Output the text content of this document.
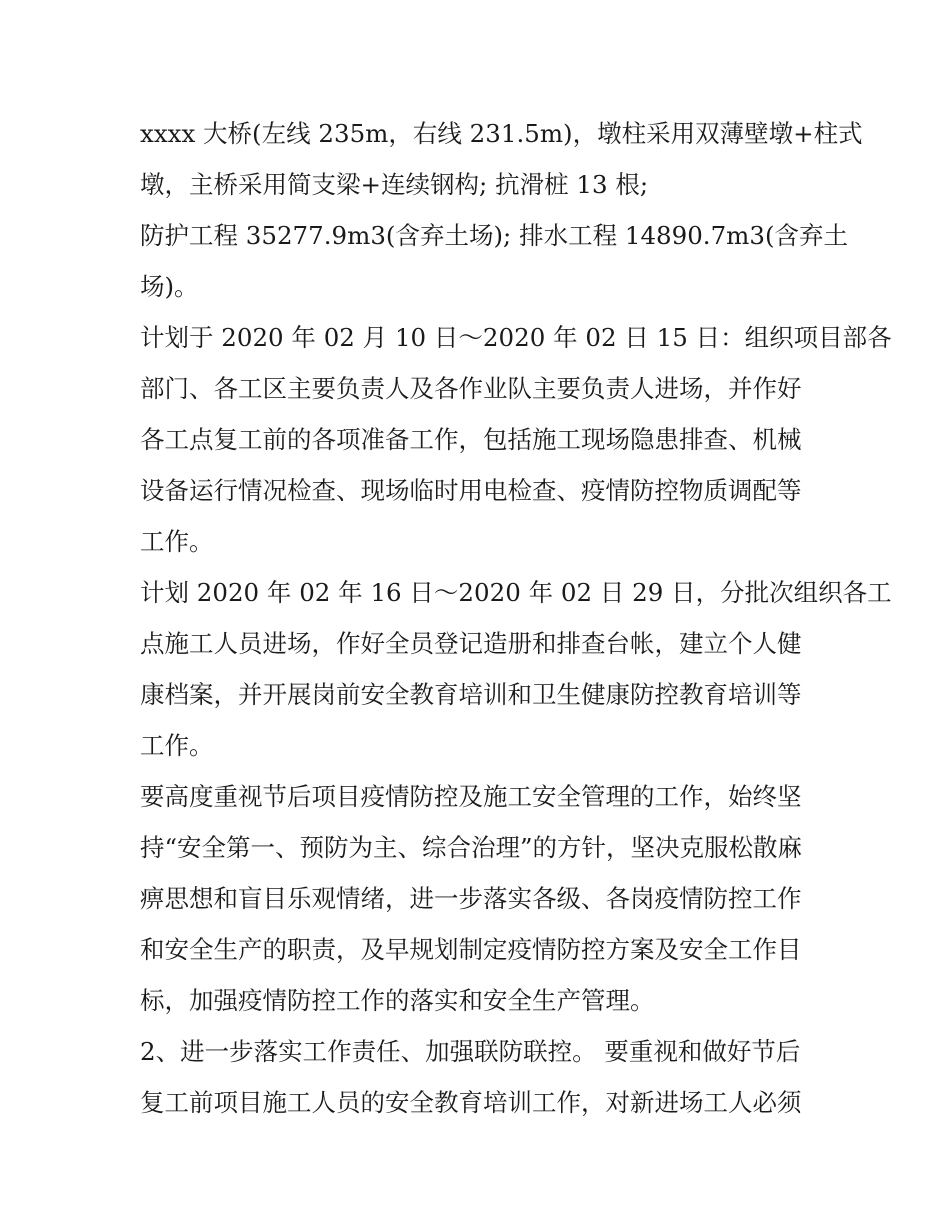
xxxx 大桥(左线 235m，右线 231.5m)，墩柱采用双薄壁墩+柱式
墩，主桥采用简支梁+连续钢构; 抗滑桩 13 根;
防护工程 35277.9m3(含弃土场); 排水工程 14890.7m3(含弃土
场)。
计划于 2020 年 02 月 10 日～2020 年 02 日 15 日：组织项目部各
部门、各工区主要负责人及各作业队主要负责人进场，并作好
各工点复工前的各项准备工作，包括施工现场隐患排查、机械
设备运行情况检查、现场临时用电检查、疫情防控物质调配等
工作。
计划 2020 年 02 年 16 日～2020 年 02 日 29 日，分批次组织各工
点施工人员进场，作好全员登记造册和排查台帐，建立个人健
康档案，并开展岗前安全教育培训和卫生健康防控教育培训等
工作。
要高度重视节后项目疫情防控及施工安全管理的工作，始终坚
持“安全第一、预防为主、综合治理”的方针，坚决克服松散麻
痹思想和盲目乐观情绪，进一步落实各级、各岗疫情防控工作
和安全生产的职责，及早规划制定疫情防控方案及安全工作目
标，加强疫情防控工作的落实和安全生产管理。
2、进一步落实工作责任、加强联防联控。 要重视和做好节后
复工前项目施工人员的安全教育培训工作，对新进场工人必须
